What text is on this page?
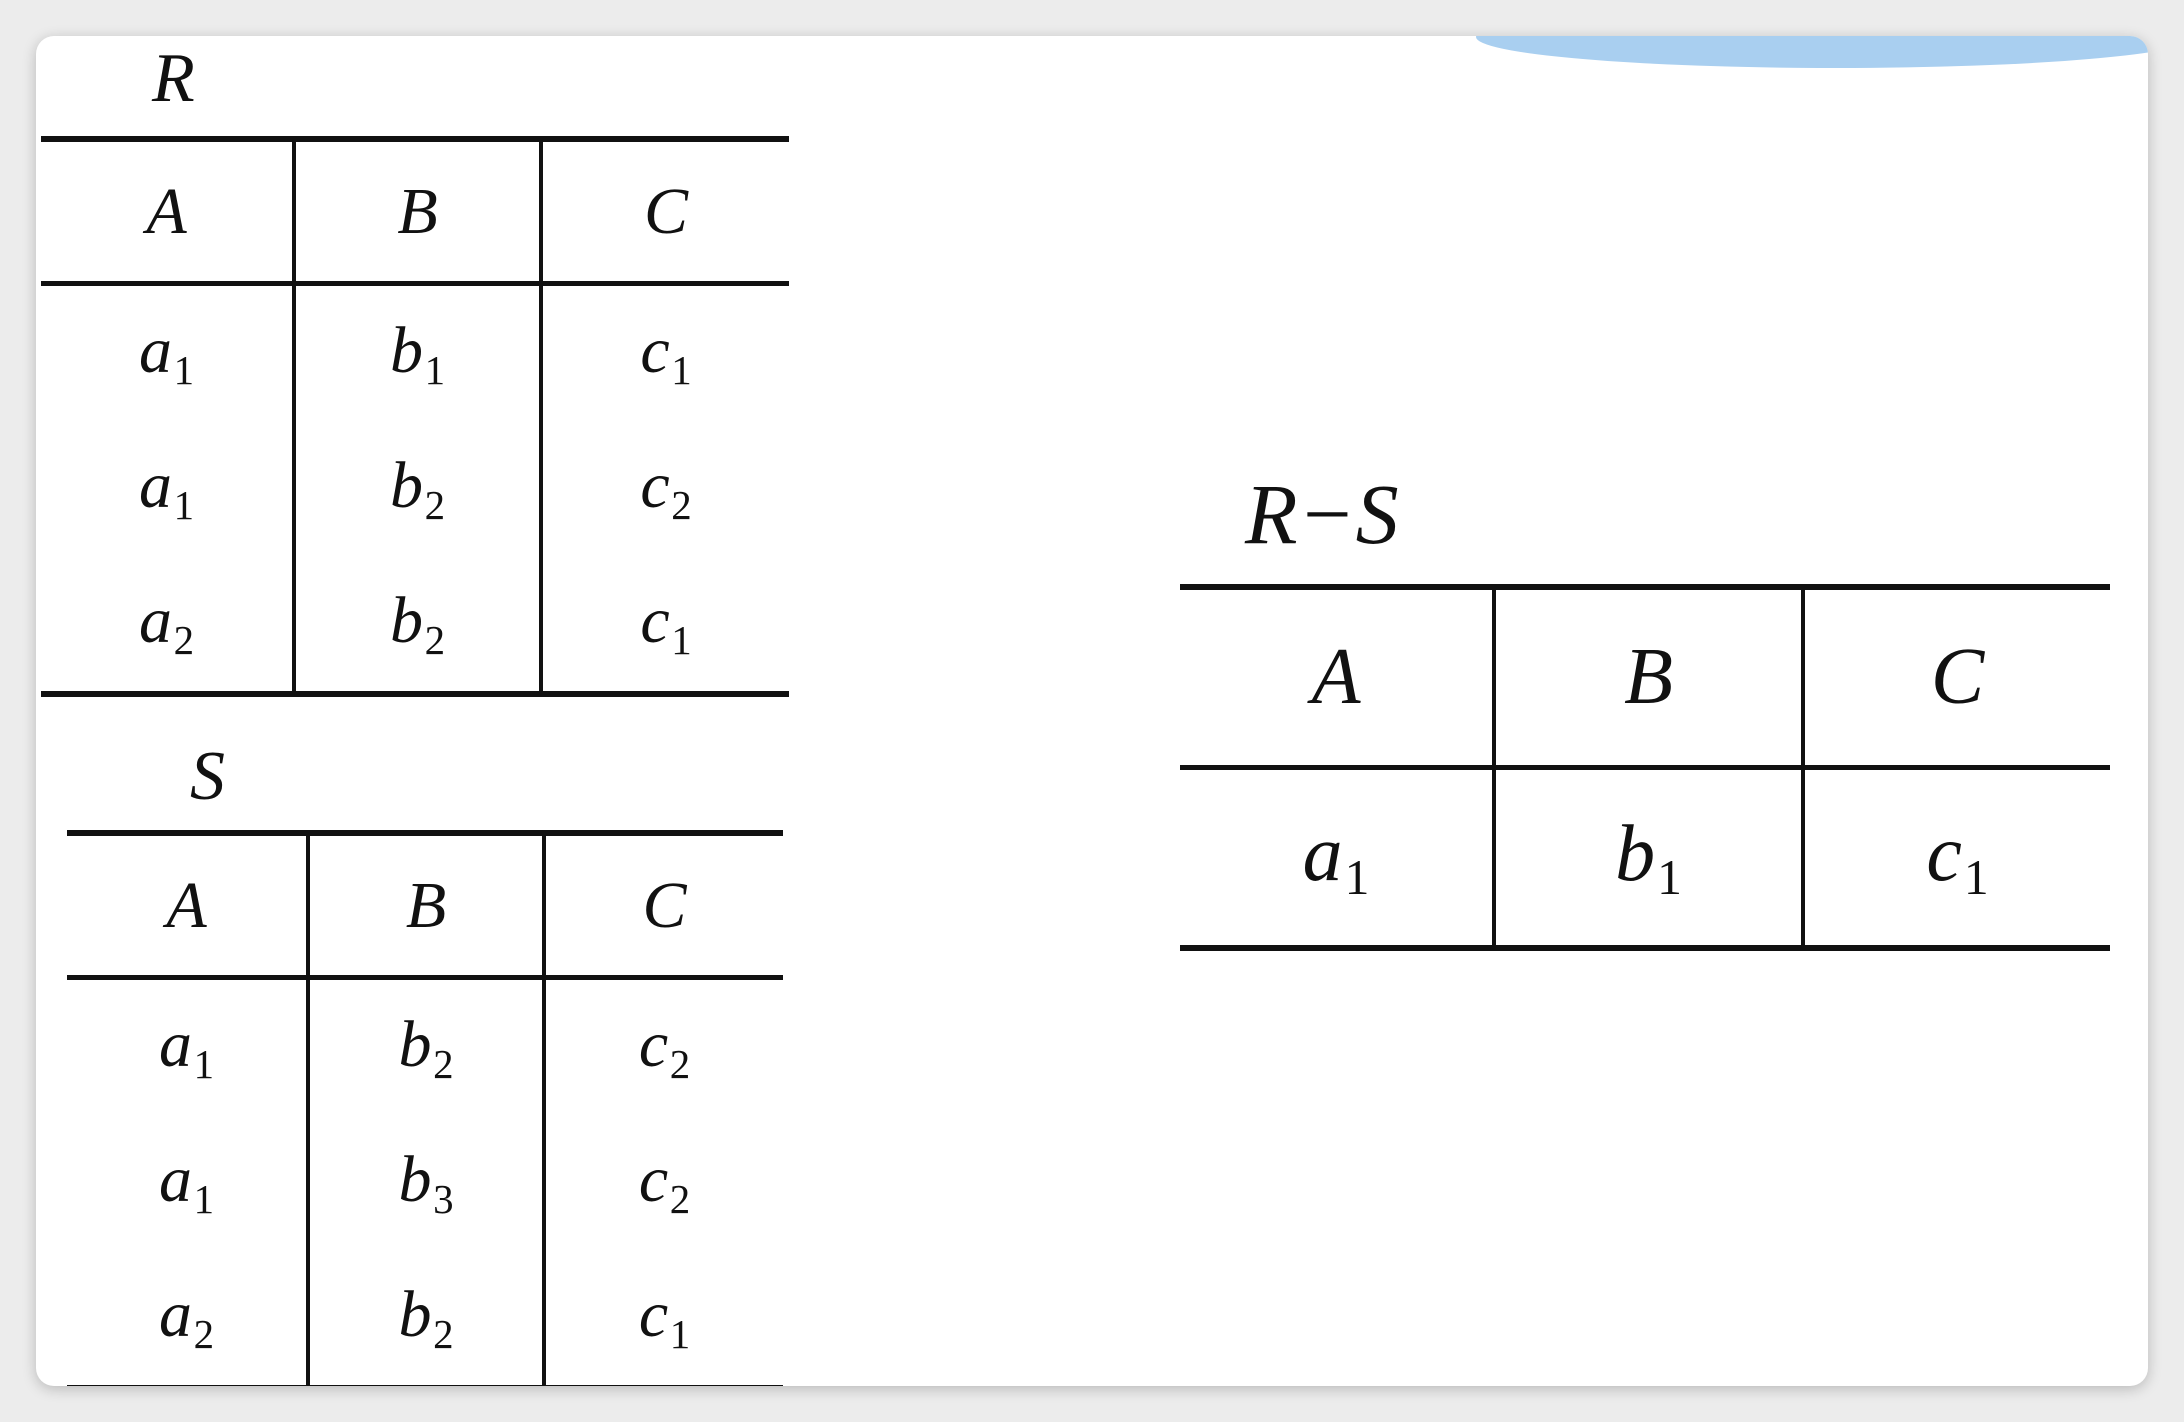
R
A	B	C
$a_1$	$b_1$	$c_1$
$a_1$	$b_2$	$c_2$
$a_2$	$b_2$	$c_1$
S
A	B	C
$a_1$	$b_2$	$c_2$
$a_1$	$b_3$	$c_2$
$a_2$	$b_2$	$c_1$
R−S
A	B	C
$a_1$	$b_1$	$c_1$
